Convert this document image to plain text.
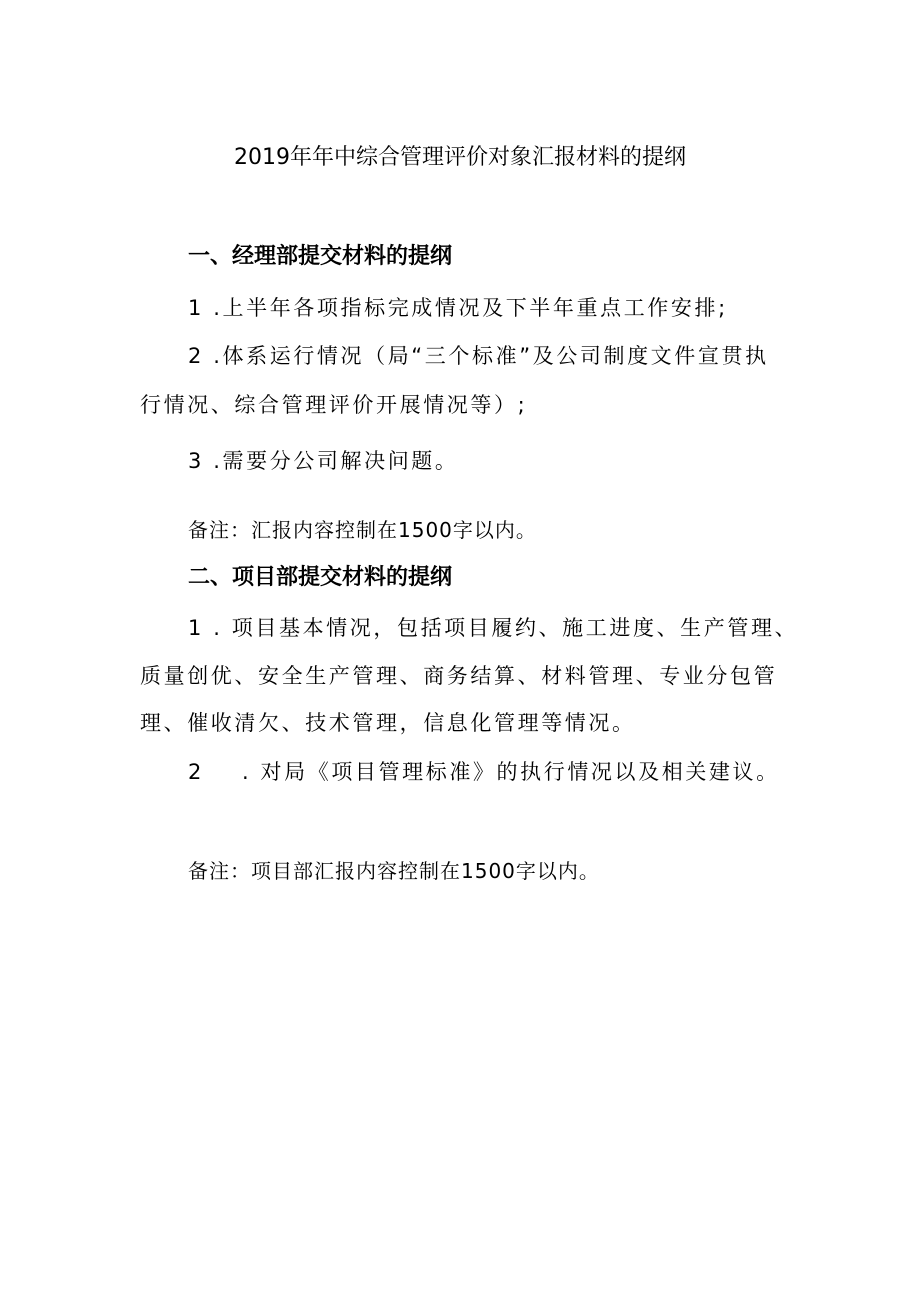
2019年年中综合管理评价对象汇报材料的提纲
一、经理部提交材料的提纲
1 .上半年各项指标完成情况及下半年重点工作安排;
2 .体系运行情况（局“三个标准”及公司制度文件宣贯执
行情况、综合管理评价开展情况等）;
3 .需要分公司解决问题。
备注：汇报内容控制在1500字以内。
二、项目部提交材料的提纲
1 . 项目基本情况，包括项目履约、施工进度、生产管理、
质量创优、安全生产管理、商务结算、材料管理、专业分包管
理、催收清欠、技术管理，信息化管理等情况。
2 . 对局《项目管理标准》的执行情况以及相关建议。
备注：项目部汇报内容控制在1500字以内。
